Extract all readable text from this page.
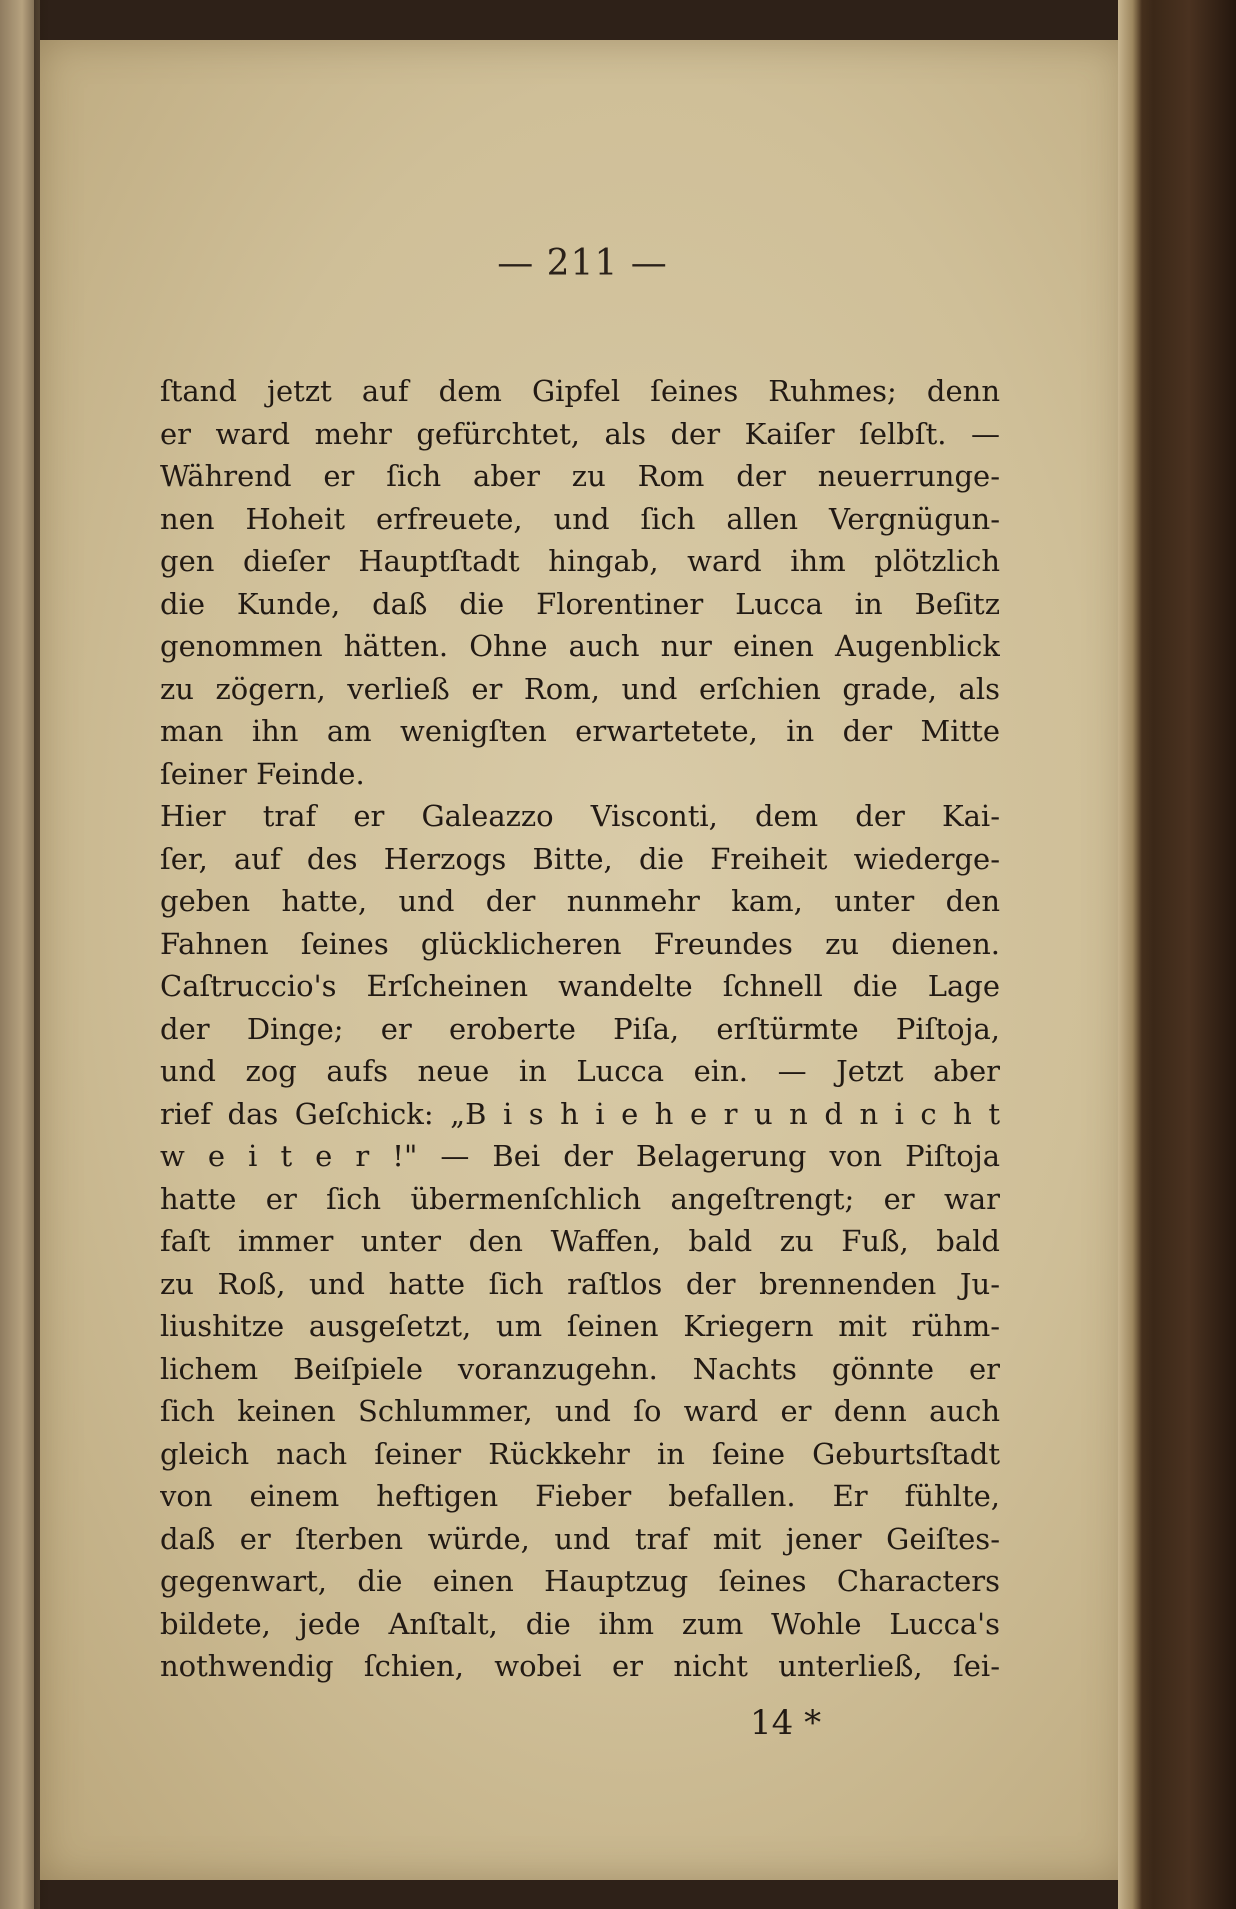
— 211 —
ſtand jetzt auf dem Gipfel ſeines Ruhmes; denn
er ward mehr gefürchtet, als der Kaiſer ſelbſt. —
Während er ſich aber zu Rom der neuerrunge-
nen Hoheit erfreuete, und ſich allen Vergnügun-
gen dieſer Hauptſtadt hingab, ward ihm plötzlich
die Kunde, daß die Florentiner Lucca in Beſitz
genommen hätten. Ohne auch nur einen Augenblick
zu zögern, verließ er Rom, und erſchien grade, als
man ihn am wenigſten erwartetete, in der Mitte
ſeiner Feinde.
Hier traf er Galeazzo Visconti, dem der Kai-
ſer, auf des Herzogs Bitte, die Freiheit wiederge-
geben hatte, und der nunmehr kam, unter den
Fahnen ſeines glücklicheren Freundes zu dienen.
Caſtruccio's Erſcheinen wandelte ſchnell die Lage
der Dinge; er eroberte Piſa, erſtürmte Piſtoja,
und zog aufs neue in Lucca ein. — Jetzt aber
rief das Geſchick: „B i s h i e h e r u n d n i c h t
w e i t e r !" — Bei der Belagerung von Piſtoja
hatte er ſich übermenſchlich angeſtrengt; er war
faſt immer unter den Waffen, bald zu Fuß, bald
zu Roß, und hatte ſich raſtlos der brennenden Ju-
liushitze ausgeſetzt, um ſeinen Kriegern mit rühm-
lichem Beiſpiele voranzugehn. Nachts gönnte er
ſich keinen Schlummer, und ſo ward er denn auch
gleich nach ſeiner Rückkehr in ſeine Geburtsſtadt
von einem heftigen Fieber befallen. Er fühlte,
daß er ſterben würde, und traf mit jener Geiſtes-
gegenwart, die einen Hauptzug ſeines Characters
bildete, jede Anſtalt, die ihm zum Wohle Lucca's
nothwendig ſchien, wobei er nicht unterließ, ſei-
14 *
